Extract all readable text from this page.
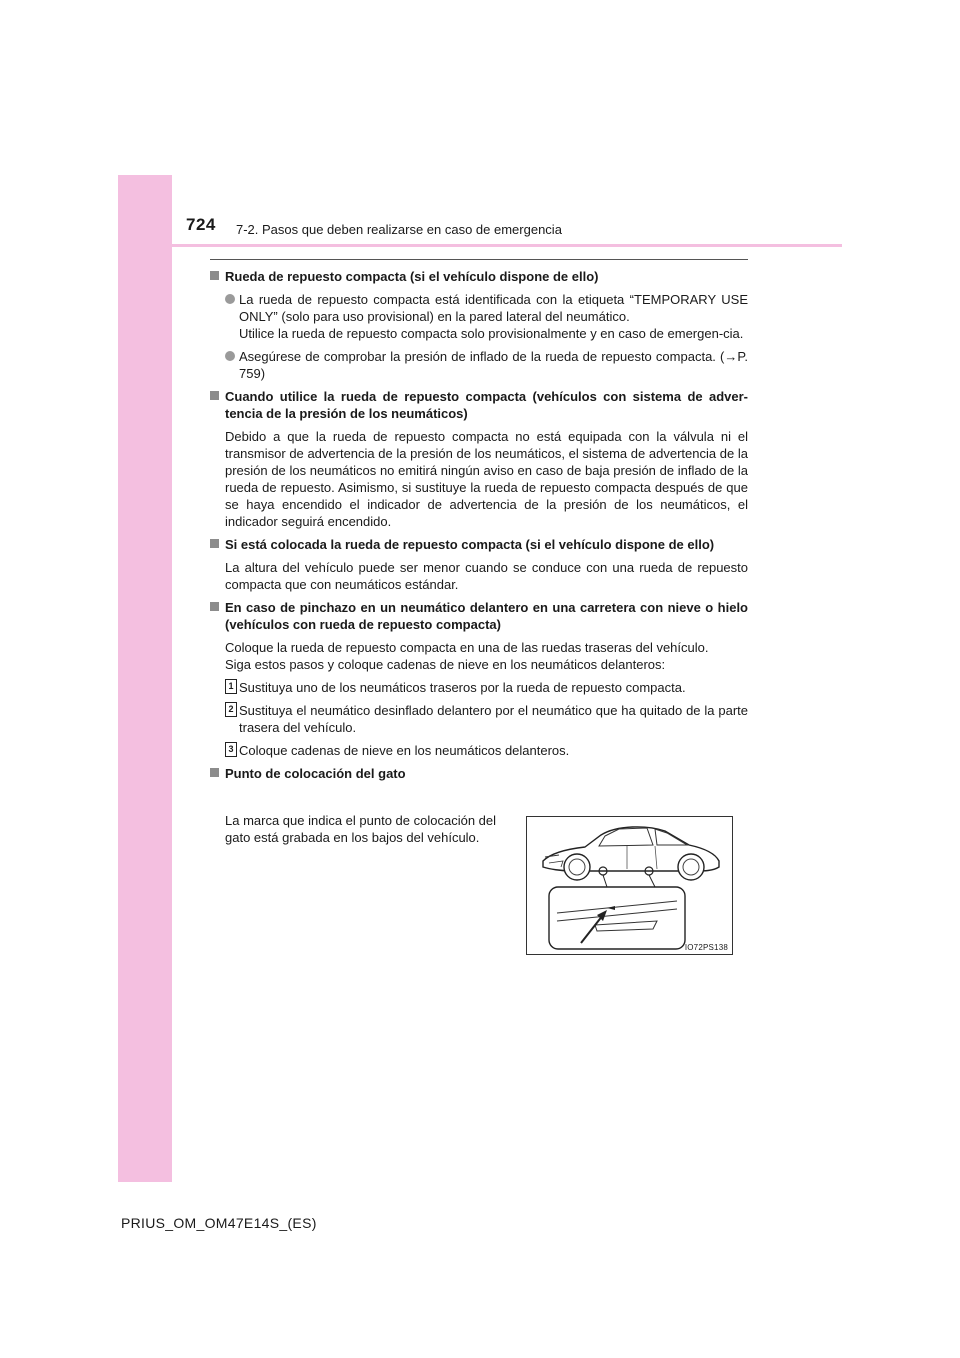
724 7-2. Pasos que deben realizarse en caso de emergencia
Rueda de repuesto compacta (si el vehículo dispone de ello)
La rueda de repuesto compacta está identificada con la etiqueta “TEMPORARY USE ONLY” (solo para uso provisional) en la pared lateral del neumático.
Utilice la rueda de repuesto compacta solo provisionalmente y en caso de emergen-cia.
Asegúrese de comprobar la presión de inflado de la rueda de repuesto compacta. (→P. 759)
Cuando utilice la rueda de repuesto compacta (vehículos con sistema de adver-tencia de la presión de los neumáticos)
Debido a que la rueda de repuesto compacta no está equipada con la válvula ni el transmisor de advertencia de la presión de los neumáticos, el sistema de advertencia de la presión de los neumáticos no emitirá ningún aviso en caso de baja presión de inflado de la rueda de repuesto. Asimismo, si sustituye la rueda de repuesto compacta después de que se haya encendido el indicador de advertencia de la presión de los neumáticos, el indicador seguirá encendido.
Si está colocada la rueda de repuesto compacta (si el vehículo dispone de ello)
La altura del vehículo puede ser menor cuando se conduce con una rueda de repuesto compacta que con neumáticos estándar.
En caso de pinchazo en un neumático delantero en una carretera con nieve o hielo (vehículos con rueda de repuesto compacta)
Coloque la rueda de repuesto compacta en una de las ruedas traseras del vehículo.
Siga estos pasos y coloque cadenas de nieve en los neumáticos delanteros:
1 Sustituya uno de los neumáticos traseros por la rueda de repuesto compacta.
2 Sustituya el neumático desinflado delantero por el neumático que ha quitado de la parte trasera del vehículo.
3 Coloque cadenas de nieve en los neumáticos delanteros.
Punto de colocación del gato
La marca que indica el punto de colocación del gato está grabada en los bajos del vehículo.
IO72PS138
PRIUS_OM_OM47E14S_(ES)
